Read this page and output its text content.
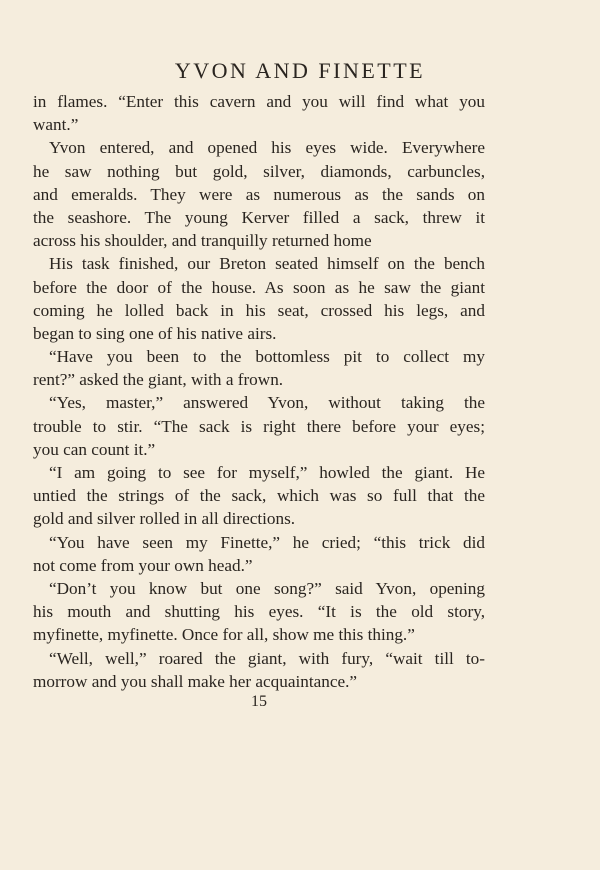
YVON AND FINETTE
in flames. “Enter this cavern and you will find what you
want.”
Yvon entered, and opened his eyes wide. Everywhere
he saw nothing but gold, silver, diamonds, carbuncles,
and emeralds. They were as numerous as the sands on
the seashore. The young Kerver filled a sack, threw it
across his shoulder, and tranquilly returned home
His task finished, our Breton seated himself on the bench
before the door of the house. As soon as he saw the giant
coming he lolled back in his seat, crossed his legs, and
began to sing one of his native airs.
“Have you been to the bottomless pit to collect my
rent?” asked the giant, with a frown.
“Yes, master,” answered Yvon, without taking the
trouble to stir. “The sack is right there before your eyes;
you can count it.”
“I am going to see for myself,” howled the giant. He
untied the strings of the sack, which was so full that the
gold and silver rolled in all directions.
“You have seen my Finette,” he cried; “this trick did
not come from your own head.”
“Don’t you know but one song?” said Yvon, opening
his mouth and shutting his eyes. “It is the old story,
myfinette, myfinette. Once for all, show me this thing.”
“Well, well,” roared the giant, with fury, “wait till to-
morrow and you shall make her acquaintance.”
15
